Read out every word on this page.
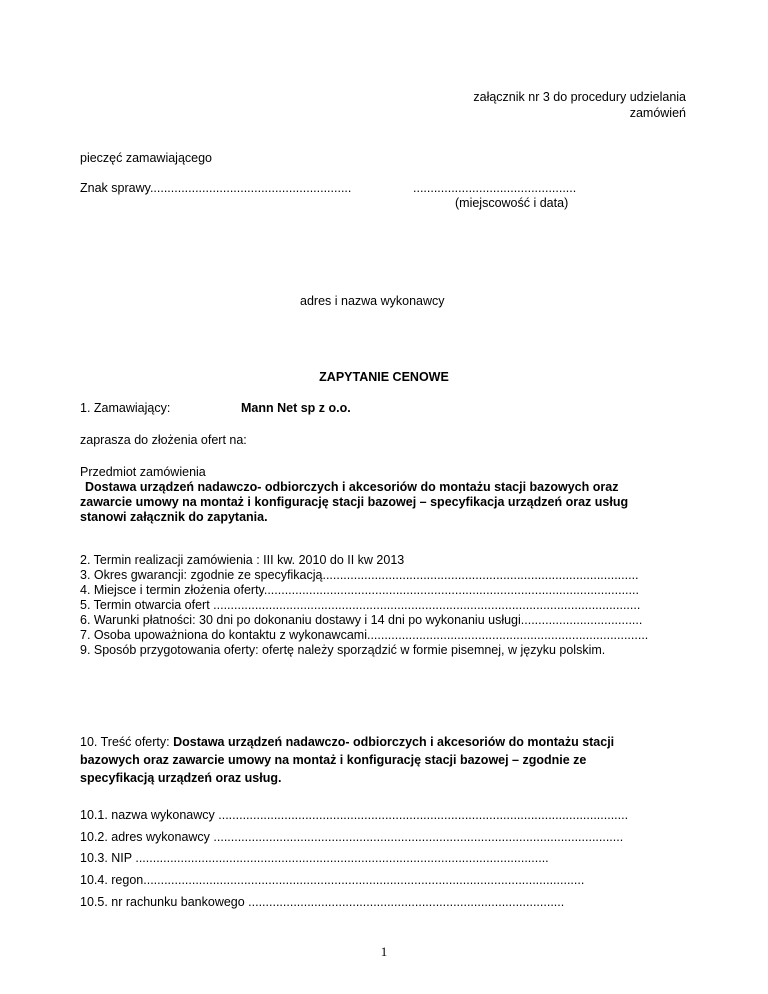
załącznik nr 3 do procedury udzielania
zamówień
pieczęć zamawiającego
Znak sprawy..........................................................	...............................................
(miejscowość i data)
adres i nazwa wykonawcy
ZAPYTANIE CENOWE
1. Zamawiający:	Mann Net sp z o.o.
zaprasza do złożenia ofert na:
Przedmiot zamówienia
Dostawa urządzeń nadawczo- odbiorczych i akcesoriów do montażu stacji bazowych oraz
zawarcie umowy na montaż i konfigurację stacji bazowej – specyfikacja urządzeń oraz usług
stanowi załącznik do zapytania.
2. Termin realizacji zamówienia : III kw. 2010 do II kw 2013
3. Okres gwarancji: zgodnie ze specyfikacją...........................................................................................
4. Miejsce i termin złożenia oferty............................................................................................................
5. Termin otwarcia ofert ...........................................................................................................................
6. Warunki płatności: 30 dni po dokonaniu dostawy i 14 dni po wykonaniu usługi...................................
7. Osoba upoważniona do kontaktu z wykonawcami.................................................................................
9. Sposób przygotowania oferty: ofertę należy sporządzić w formie pisemnej, w języku polskim.
10. Treść oferty: Dostawa urządzeń nadawczo- odbiorczych i akcesoriów do montażu stacji
bazowych oraz zawarcie umowy na montaż i konfigurację stacji bazowej – zgodnie ze
specyfikacją urządzeń oraz usług.
10.1. nazwa wykonawcy ......................................................................................................................
10.2. adres wykonawcy ......................................................................................................................
10.3. NIP .......................................................................................................................
10.4. regon...............................................................................................................................
10.5. nr rachunku bankowego ...........................................................................................
1
